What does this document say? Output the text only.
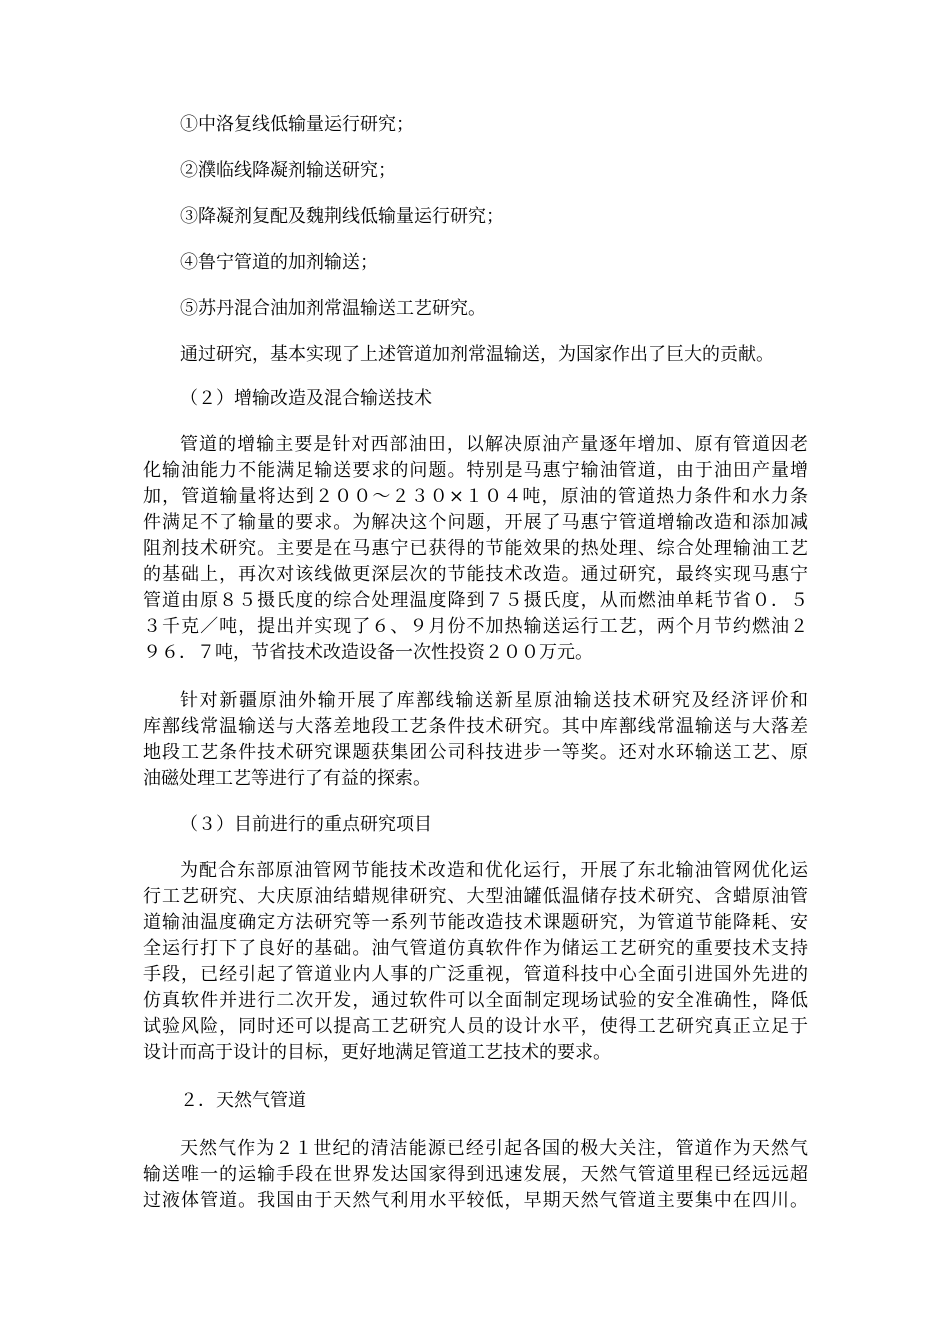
①中洛复线低输量运行研究；
②濮临线降凝剂输送研究；
③降凝剂复配及魏荆线低输量运行研究；
④鲁宁管道的加剂输送；
⑤苏丹混合油加剂常温输送工艺研究。
通过研究，基本实现了上述管道加剂常温输送，为国家作出了巨大的贡献。
（２）增输改造及混合输送技术
管道的增输主要是针对西部油田，以解决原油产量逐年增加、原有管道因老
化输油能力不能满足输送要求的问题。特别是马惠宁输油管道，由于油田产量增
加，管道输量将达到２００～２３０×１０４吨，原油的管道热力条件和水力条
件满足不了输量的要求。为解决这个问题，开展了马惠宁管道增输改造和添加减
阻剂技术研究。主要是在马惠宁已获得的节能效果的热处理、综合处理输油工艺
的基础上，再次对该线做更深层次的节能技术改造。通过研究，最终实现马惠宁
管道由原８５摄氏度的综合处理温度降到７５摄氏度，从而燃油单耗节省０．５
３千克／吨，提出并实现了６、９月份不加热输送运行工艺，两个月节约燃油２
９６．７吨，节省技术改造设备一次性投资２００万元。
针对新疆原油外输开展了库鄯线输送新星原油输送技术研究及经济评价和
库鄯线常温输送与大落差地段工艺条件技术研究。其中库鄯线常温输送与大落差
地段工艺条件技术研究课题获集团公司科技进步一等奖。还对水环输送工艺、原
油磁处理工艺等进行了有益的探索。
（３）目前进行的重点研究项目
为配合东部原油管网节能技术改造和优化运行，开展了东北输油管网优化运
行工艺研究、大庆原油结蜡规律研究、大型油罐低温储存技术研究、含蜡原油管
道输油温度确定方法研究等一系列节能改造技术课题研究，为管道节能降耗、安
全运行打下了良好的基础。油气管道仿真软件作为储运工艺研究的重要技术支持
手段，已经引起了管道业内人事的广泛重视，管道科技中心全面引进国外先进的
仿真软件并进行二次开发，通过软件可以全面制定现场试验的安全准确性，降低
试验风险，同时还可以提高工艺研究人员的设计水平，使得工艺研究真正立足于
设计而高于设计的目标，更好地满足管道工艺技术的要求。
２．天然气管道
天然气作为２１世纪的清洁能源已经引起各国的极大关注，管道作为天然气
输送唯一的运输手段在世界发达国家得到迅速发展，天然气管道里程已经远远超
过液体管道。我国由于天然气利用水平较低，早期天然气管道主要集中在四川。
